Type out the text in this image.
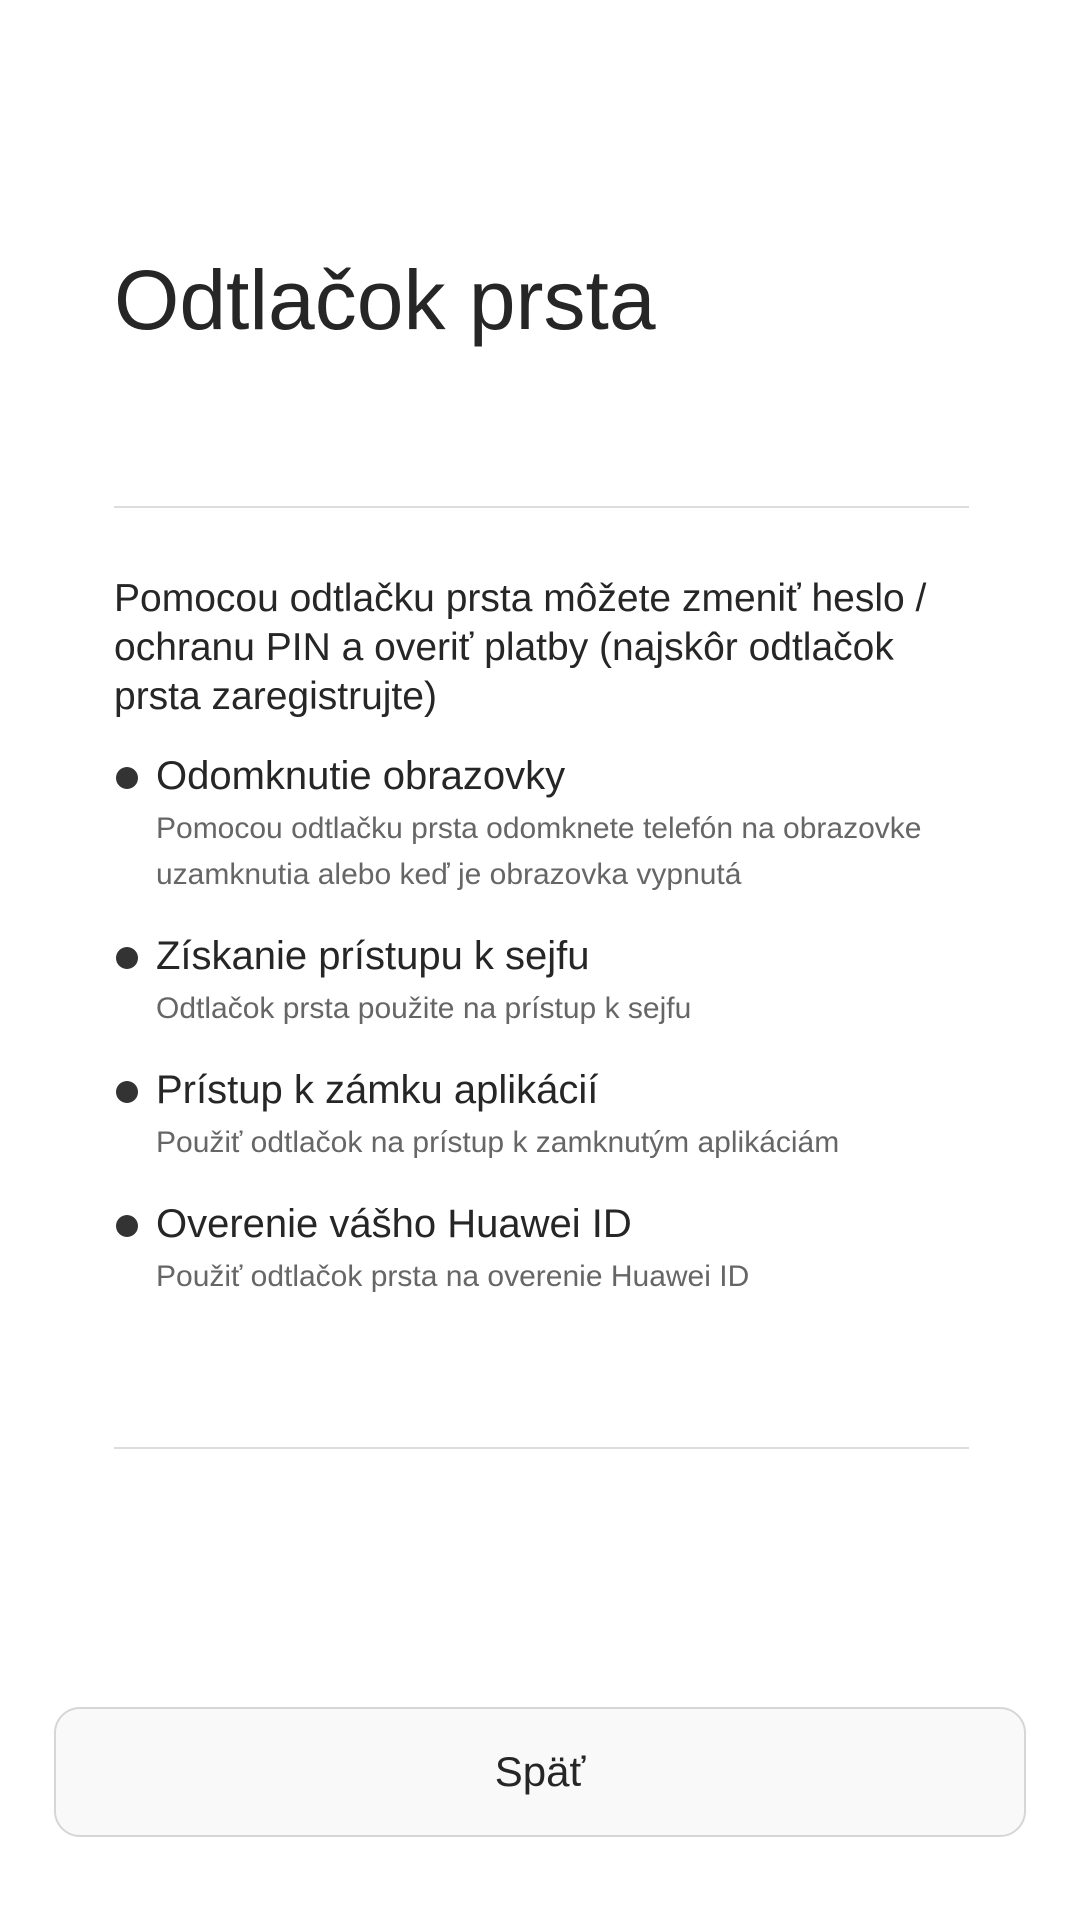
Odtlačok prsta

Pomocou odtlačku prsta môžete zmeniť heslo / ochranu PIN a overiť platby (najskôr odtlačok prsta zaregistrujte)

Odomknutie obrazovky
Pomocou odtlačku prsta odomknete telefón na obrazovke uzamknutia alebo keď je obrazovka vypnutá
Získanie prístupu k sejfu
Odtlačok prsta použite na prístup k sejfu
Prístup k zámku aplikácií
Použiť odtlačok na prístup k zamknutým aplikáciám
Overenie vášho Huawei ID
Použiť odtlačok prsta na overenie Huawei ID
Späť
